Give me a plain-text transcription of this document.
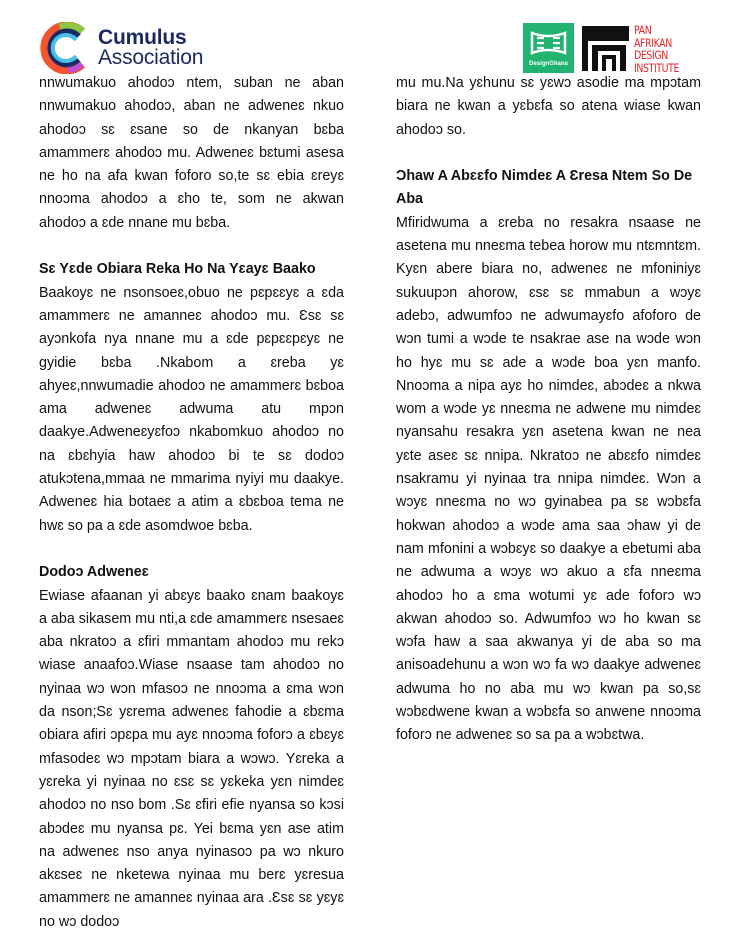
Cumulus
Association	DesignGhana
PAN
AFRIKAN
DESIGN
INSTITUTE

nnwumakuo ahodoɔ ntem, suban ne aban nnwumakuo ahodoɔ, aban ne adweneɛ nkuo ahodoɔ sɛ ɛsane so de nkanyan bɛba amammerɛ ahodoɔ mu. Adweneɛ bɛtumi asesa ne ho na afa kwan foforo so,te sɛ ebia ɛreyɛ nnoɔma ahodoɔ a ɛho te, som ne akwan ahodoɔ a ɛde nnane mu bɛba.

Sɛ Yɛde Obiara Reka Ho Na Yɛayɛ Baako

Baakoyɛ ne nsonsoeɛ,obuo ne pɛpɛɛyɛ a ɛda amammerɛ ne amanneɛ ahodoɔ mu. Ɛsɛ sɛ ayɔnkofa nya nnane mu a ɛde pɛpɛɛpɛyɛ ne gyidie bɛba .Nkabom a ɛreba yɛ ahyeɛ,nnwumadie ahodoɔ ne amammerɛ bɛboa ama adweneɛ adwuma atu mpɔn daakye.Adweneɛyɛfoɔ nkabomkuo ahodoɔ no na ɛbɛhyia haw ahodoɔ bi te sɛ dodoɔ atukɔtena,mmaa ne mmarima nyiyi mu daakye. Adweneɛ hia botaeɛ a atim a ɛbɛboa tema ne hwɛ so pa a ɛde asomdwoe bɛba.

Dodoɔ Adweneɛ

Ewiase afaanan yi abɛyɛ baako ɛnam baakoyɛ a aba sikasem mu nti,a ɛde amammerɛ nsesaeɛ aba nkratoɔ a ɛfiri mmantam ahodoɔ mu rekɔ wiase anaafoɔ.Wiase nsaase tam ahodoɔ no nyinaa wɔ wɔn mfasoɔ ne nnoɔma a ɛma wɔn da nson;Sɛ yɛrema adweneɛ fahodie a ɛbɛma obiara afiri ɔpɛpa mu ayɛ nnoɔma foforɔ a ɛbɛyɛ mfasodeɛ wɔ mpɔtam biara a wɔwɔ. Yɛreka a yɛreka yi nyinaa no ɛsɛ sɛ yɛkeka yɛn nimdeɛ ahodoɔ no nso bom .Sɛ ɛfiri efie nyansa so kɔsi abɔdeɛ mu nyansa pɛ. Yei bɛma yɛn ase atim na adweneɛ nso anya nyinasoɔ pa wɔ nkuro akɛseɛ ne nketewa nyinaa mu berɛ yɛresua amammerɛ ne amanneɛ nyinaa ara .Ɛsɛ sɛ yɛyɛ no wɔ dodoɔ

mu mu.Na yɛhunu sɛ yɛwɔ asodie ma mpɔtam biara ne kwan a yɛbɛfa so atena wiase kwan ahodoɔ so.

Ɔhaw A Abɛɛfo Nimdeɛ A Ɛresa Ntem So De Aba

Mfiridwuma a ɛreba no resakra nsaase ne asetena mu nneɛma tebea horow mu ntɛmntɛm. Kyɛn abere biara no, adweneɛ ne mfoniniyɛ sukuupɔn ahorow, ɛsɛ sɛ mmabun a wɔyɛ adebɔ, adwumfoɔ ne adwumayɛfo afoforo de wɔn tumi a wɔde te nsakrae ase na wɔde wɔn ho hyɛ mu sɛ ade a wɔde boa yɛn manfo. Nnoɔma a nipa ayɛ ho nimdeɛ, abɔdeɛ a nkwa wom a wɔde yɛ nneɛma ne adwene mu nimdeɛ nyansahu resakra yɛn asetena kwan ne nea yɛte aseɛ sɛ nnipa. Nkratoɔ ne abɛɛfo nimdeɛ nsakramu yi nyinaa tra nnipa nimdeɛ. Wɔn a wɔyɛ nneɛma no wɔ gyinabea pa sɛ wɔbɛfa hokwan ahodoɔ a wɔde ama saa ɔhaw yi de nam mfonini a wɔbɛyɛ so daakye a ebetumi aba ne adwuma a wɔyɛ wɔ akuo a ɛfa nneɛma ahodoɔ ho a ɛma wotumi yɛ ade foforɔ wɔ akwan ahodoɔ so. Adwumfoɔ wɔ ho kwan sɛ wɔfa haw a saa akwanya yi de aba so ma anisoadehunu a wɔn wɔ fa wɔ daakye adweneɛ adwuma ho no aba mu wɔ kwan pa so,sɛ wɔbɛdwene kwan a wɔbɛfa so anwene nnoɔma foforɔ ne adweneɛ so sa pa a wɔbɛtwa.
